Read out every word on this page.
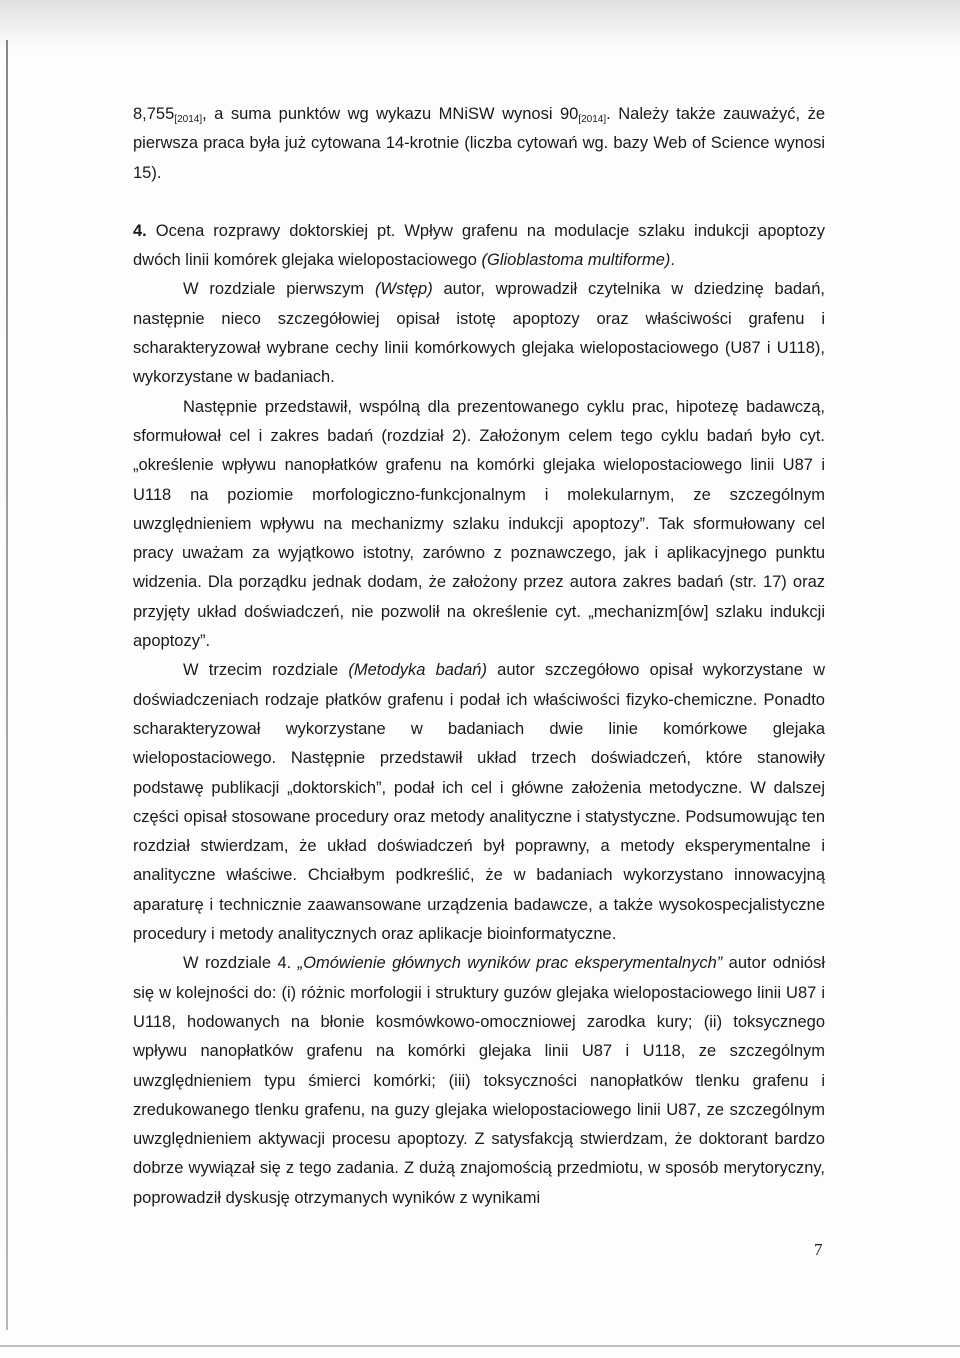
$8,755_{[2014]}$, a suma punktów wg wykazu MNiSW wynosi $90_{[2014]}$. Należy także zauważyć, że pierwsza praca była już cytowana 14-krotnie (liczba cytowań wg. bazy Web of Science wynosi 15).

4. Ocena rozprawy doktorskiej pt. Wpływ grafenu na modulacje szlaku indukcji apoptozy dwóch linii komórek glejaka wielopostaciowego (Glioblastoma multiforme).

W rozdziale pierwszym (Wstęp) autor, wprowadził czytelnika w dziedzinę badań, następnie nieco szczegółowiej opisał istotę apoptozy oraz właściwości grafenu i scharakteryzował wybrane cechy linii komórkowych glejaka wielopostaciowego (U87 i U118), wykorzystane w badaniach.

Następnie przedstawił, wspólną dla prezentowanego cyklu prac, hipotezę badawczą, sformułował cel i zakres badań (rozdział 2). Założonym celem tego cyklu badań było cyt. „określenie wpływu nanopłatków grafenu na komórki glejaka wielopostaciowego linii U87 i U118 na poziomie morfologiczno-funkcjonalnym i molekularnym, ze szczególnym uwzględnieniem wpływu na mechanizmy szlaku indukcji apoptozy”. Tak sformułowany cel pracy uważam za wyjątkowo istotny, zarówno z poznawczego, jak i aplikacyjnego punktu widzenia. Dla porządku jednak dodam, że założony przez autora zakres badań (str. 17) oraz przyjęty układ doświadczeń, nie pozwolił na określenie cyt. „mechanizm[ów] szlaku indukcji apoptozy”.

W trzecim rozdziale (Metodyka badań) autor szczegółowo opisał wykorzystane w doświadczeniach rodzaje płatków grafenu i podał ich właściwości fizyko-chemiczne. Ponadto scharakteryzował wykorzystane w badaniach dwie linie komórkowe glejaka wielopostaciowego. Następnie przedstawił układ trzech doświadczeń, które stanowiły podstawę publikacji „doktorskich”, podał ich cel i główne założenia metodyczne. W dalszej części opisał stosowane procedury oraz metody analityczne i statystyczne. Podsumowując ten rozdział stwierdzam, że układ doświadczeń był poprawny, a metody eksperymentalne i analityczne właściwe. Chciałbym podkreślić, że w badaniach wykorzystano innowacyjną aparaturę i technicznie zaawansowane urządzenia badawcze, a także wysokospecjalistyczne procedury i metody analitycznych oraz aplikacje bioinformatyczne.

W rozdziale 4. „Omówienie głównych wyników prac eksperymentalnych” autor odniósł się w kolejności do: (i) różnic morfologii i struktury guzów glejaka wielopostaciowego linii U87 i U118, hodowanych na błonie kosmówkowo-omoczniowej zarodka kury; (ii) toksycznego wpływu nanopłatków grafenu na komórki glejaka linii U87 i U118, ze szczególnym uwzględnieniem typu śmierci komórki; (iii) toksyczności nanopłatków tlenku grafenu i zredukowanego tlenku grafenu, na guzy glejaka wielopostaciowego linii U87, ze szczególnym uwzględnieniem aktywacji procesu apoptozy. Z satysfakcją stwierdzam, że doktorant bardzo dobrze wywiązał się z tego zadania. Z dużą znajomością przedmiotu, w sposób merytoryczny, poprowadził dyskusję otrzymanych wyników z wynikami

7
